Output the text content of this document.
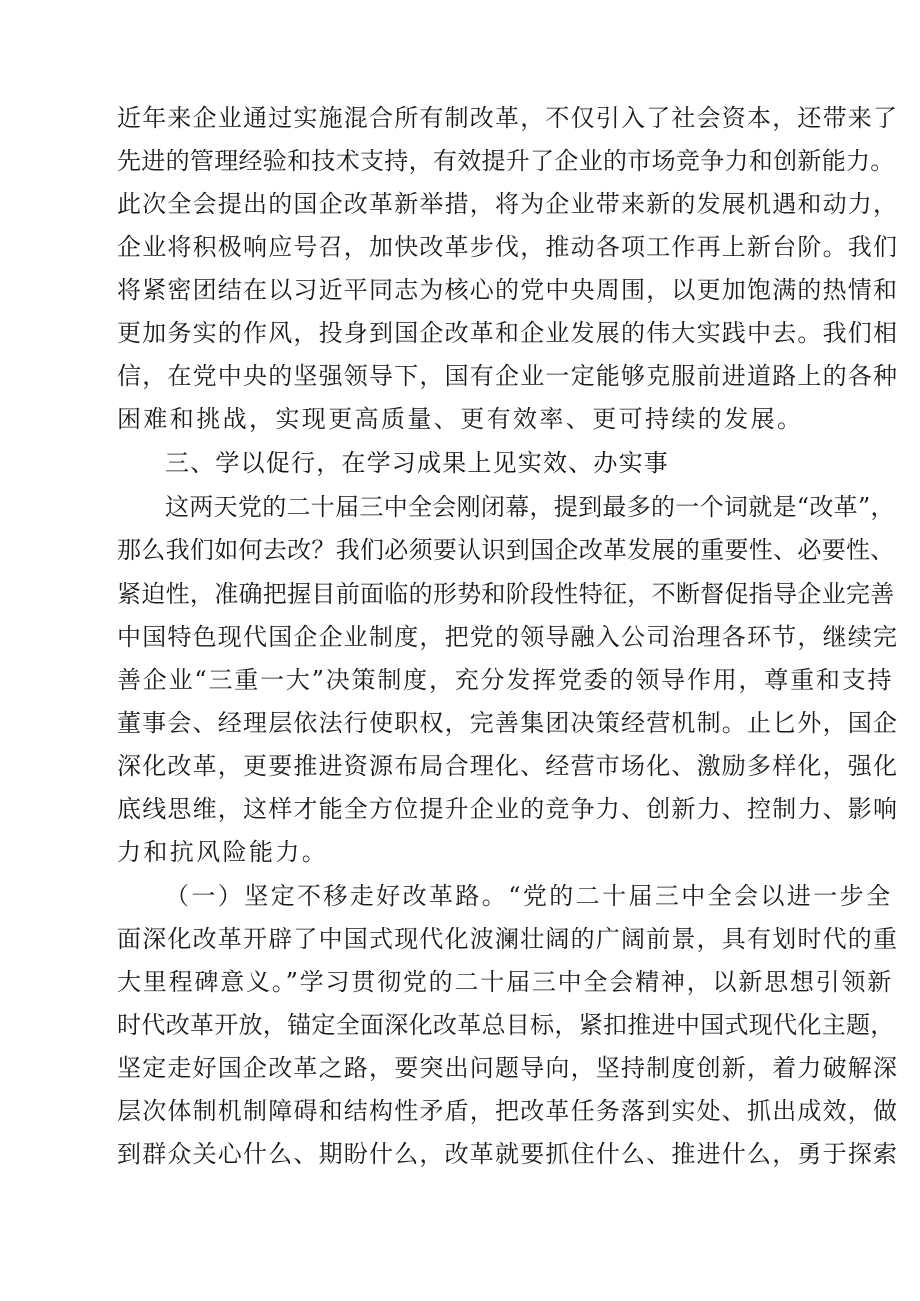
近年来企业通过实施混合所有制改革，不仅引入了社会资本，还带来了
先进的管理经验和技术支持，有效提升了企业的市场竞争力和创新能力。
此次全会提出的国企改革新举措，将为企业带来新的发展机遇和动力，
企业将积极响应号召，加快改革步伐，推动各项工作再上新台阶。我们
将紧密团结在以习近平同志为核心的党中央周围，以更加饱满的热情和
更加务实的作风，投身到国企改革和企业发展的伟大实践中去。我们相
信，在党中央的坚强领导下，国有企业一定能够克服前进道路上的各种
困难和挑战，实现更高质量、更有效率、更可持续的发展。
三、学以促行，在学习成果上见实效、办实事
这两天党的二十届三中全会刚闭幕，提到最多的一个词就是“改革”，
那么我们如何去改？我们必须要认识到国企改革发展的重要性、必要性、
紧迫性，准确把握目前面临的形势和阶段性特征，不断督促指导企业完善
中国特色现代国企企业制度，把党的领导融入公司治理各环节，继续完
善企业“三重一大”决策制度，充分发挥党委的领导作用，尊重和支持
董事会、经理层依法行使职权，完善集团决策经营机制。止匕外，国企
深化改革，更要推进资源布局合理化、经营市场化、激励多样化，强化
底线思维，这样才能全方位提升企业的竞争力、创新力、控制力、影响
力和抗风险能力。
（一）坚定不移走好改革路。“党的二十届三中全会以进一步全
面深化改革开辟了中国式现代化波澜壮阔的广阔前景，具有划时代的重
大里程碑意义。”学习贯彻党的二十届三中全会精神，以新思想引领新
时代改革开放，锚定全面深化改革总目标，紧扣推进中国式现代化主题，
坚定走好国企改革之路，要突出问题导向，坚持制度创新，着力破解深
层次体制机制障碍和结构性矛盾，把改革任务落到实处、抓出成效，做
到群众关心什么、期盼什么，改革就要抓住什么、推进什么，勇于探索
